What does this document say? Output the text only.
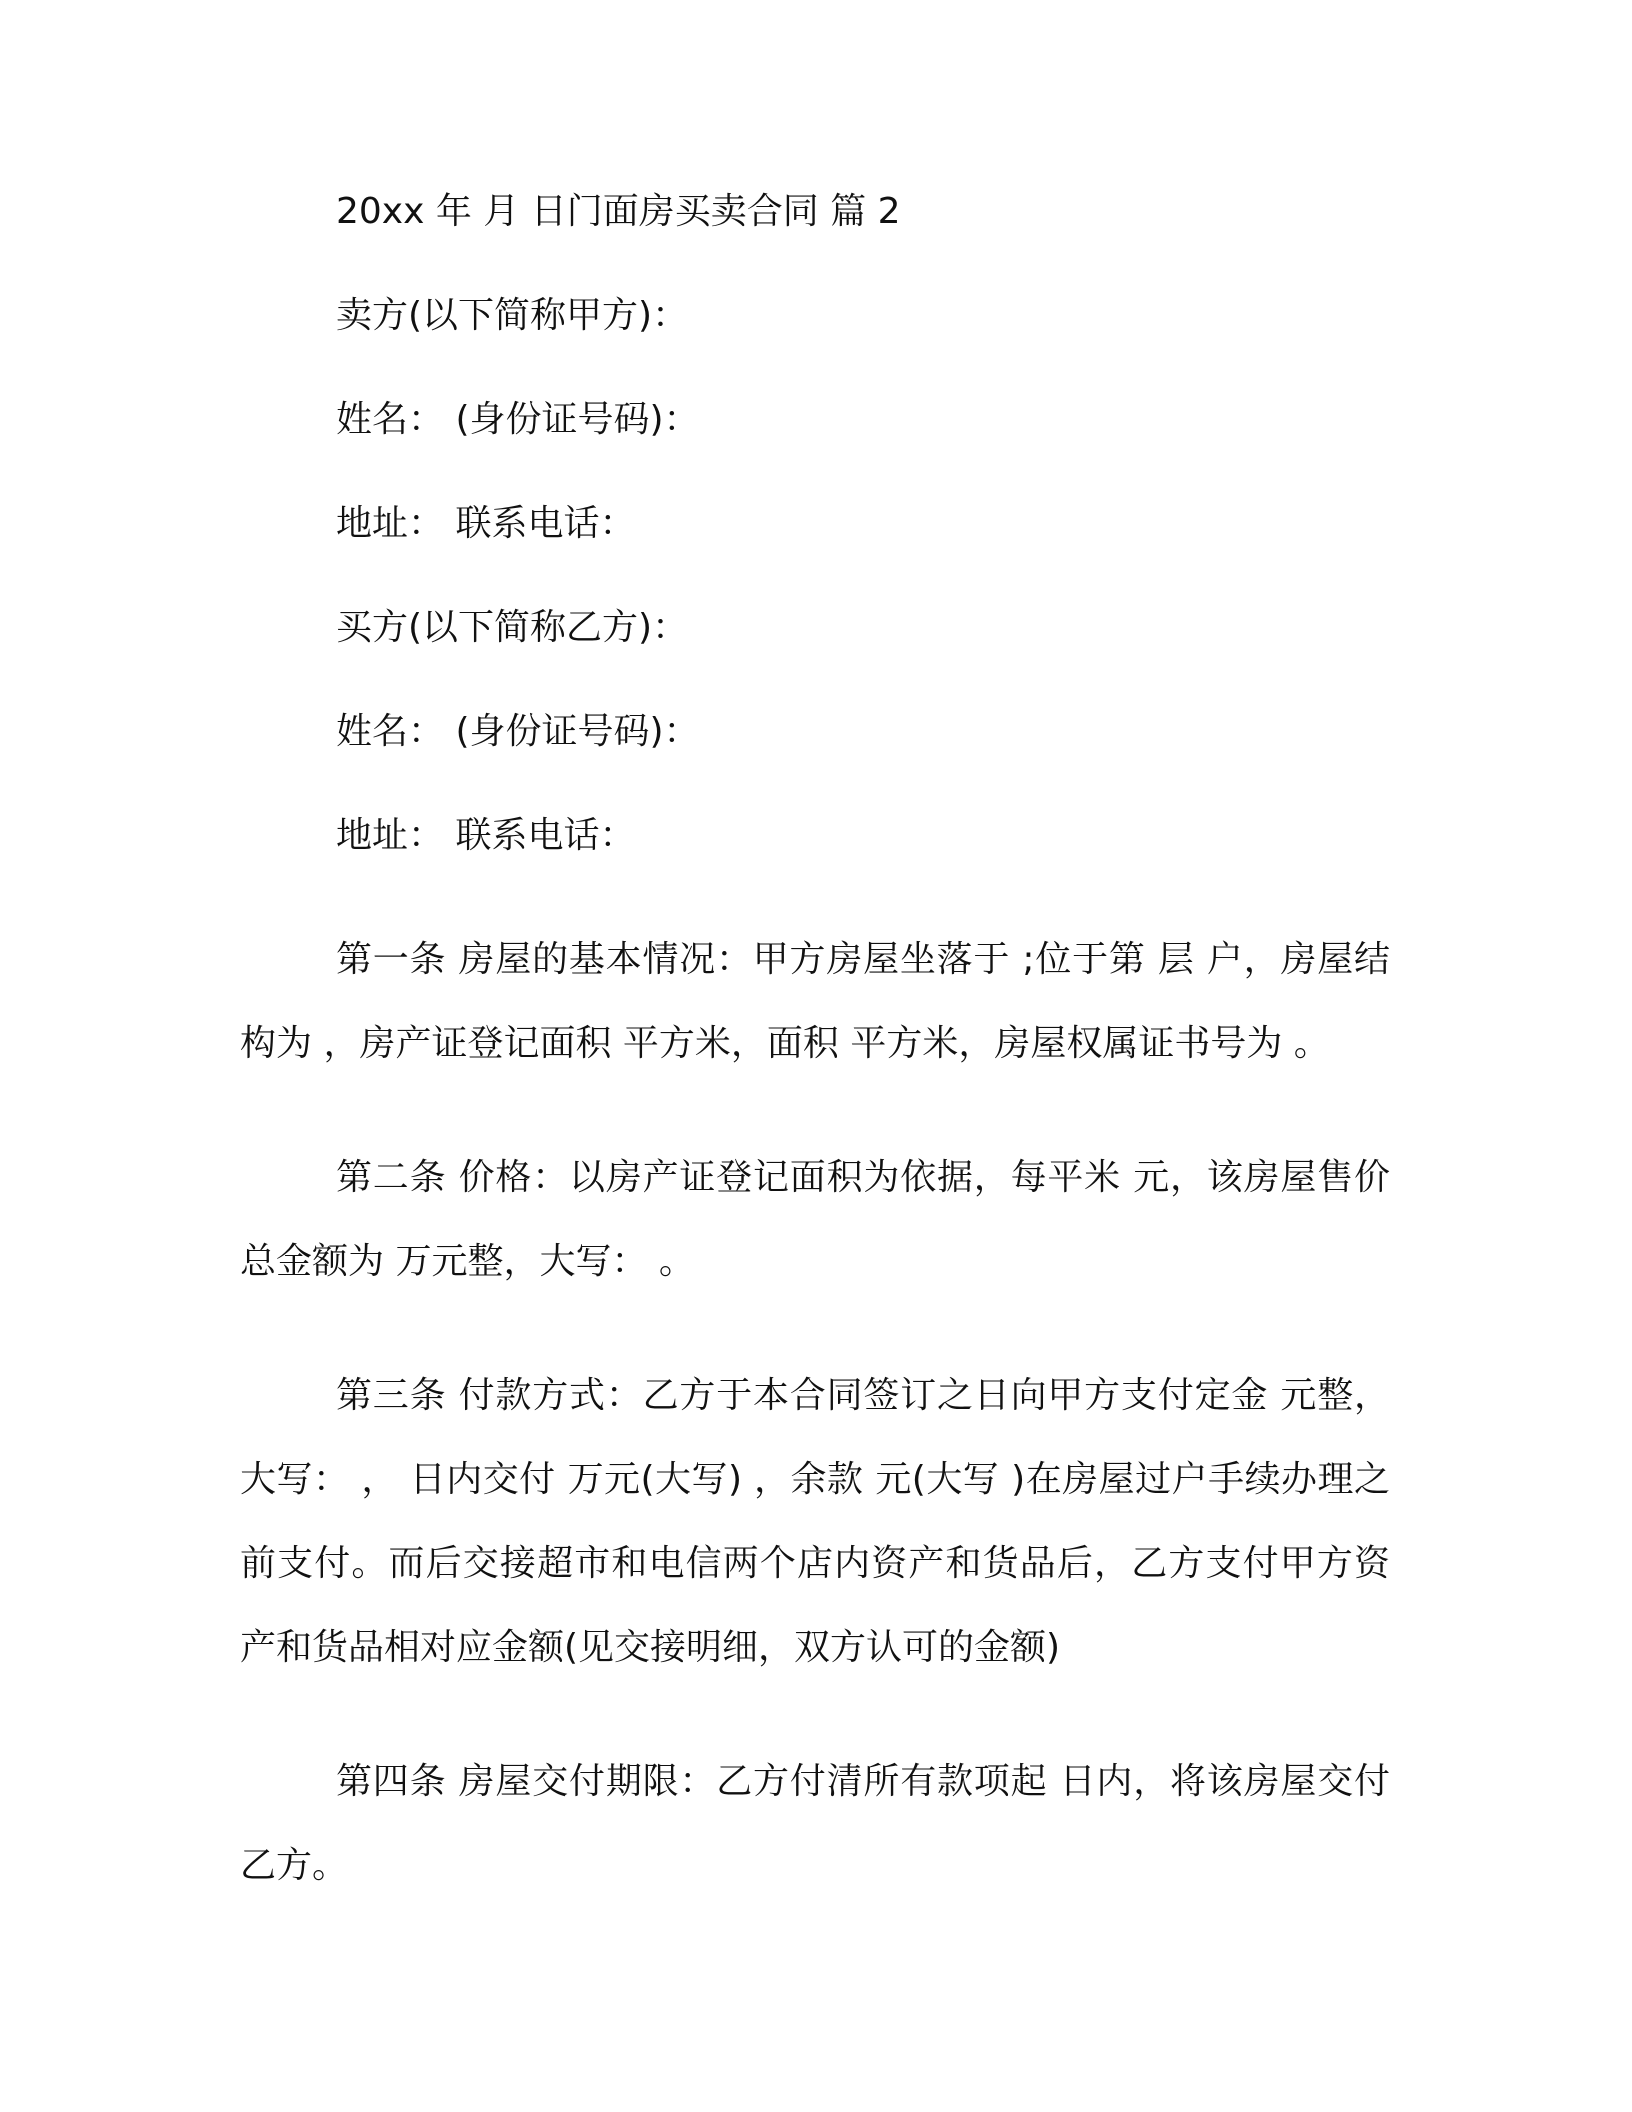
20xx 年 月 日门面房买卖合同 篇 2

卖方(以下简称甲方)：

姓名： (身份证号码)：

地址： 联系电话：

买方(以下简称乙方)：

姓名： (身份证号码)：

地址： 联系电话：

第一条 房屋的基本情况：甲方房屋坐落于 ;位于第 层 户，房屋结构为 ，房产证登记面积 平方米，面积 平方米，房屋权属证书号为 。

第二条 价格：以房产证登记面积为依据，每平米 元，该房屋售价总金额为 万元整，大写： 。

第三条 付款方式：乙方于本合同签订之日向甲方支付定金 元整，大写： ， 日内交付 万元(大写) ，余款 元(大写 )在房屋过户手续办理之前支付。而后交接超市和电信两个店内资产和货品后，乙方支付甲方资产和货品相对应金额(见交接明细，双方认可的金额)

第四条 房屋交付期限：乙方付清所有款项起 日内，将该房屋交付乙方。
